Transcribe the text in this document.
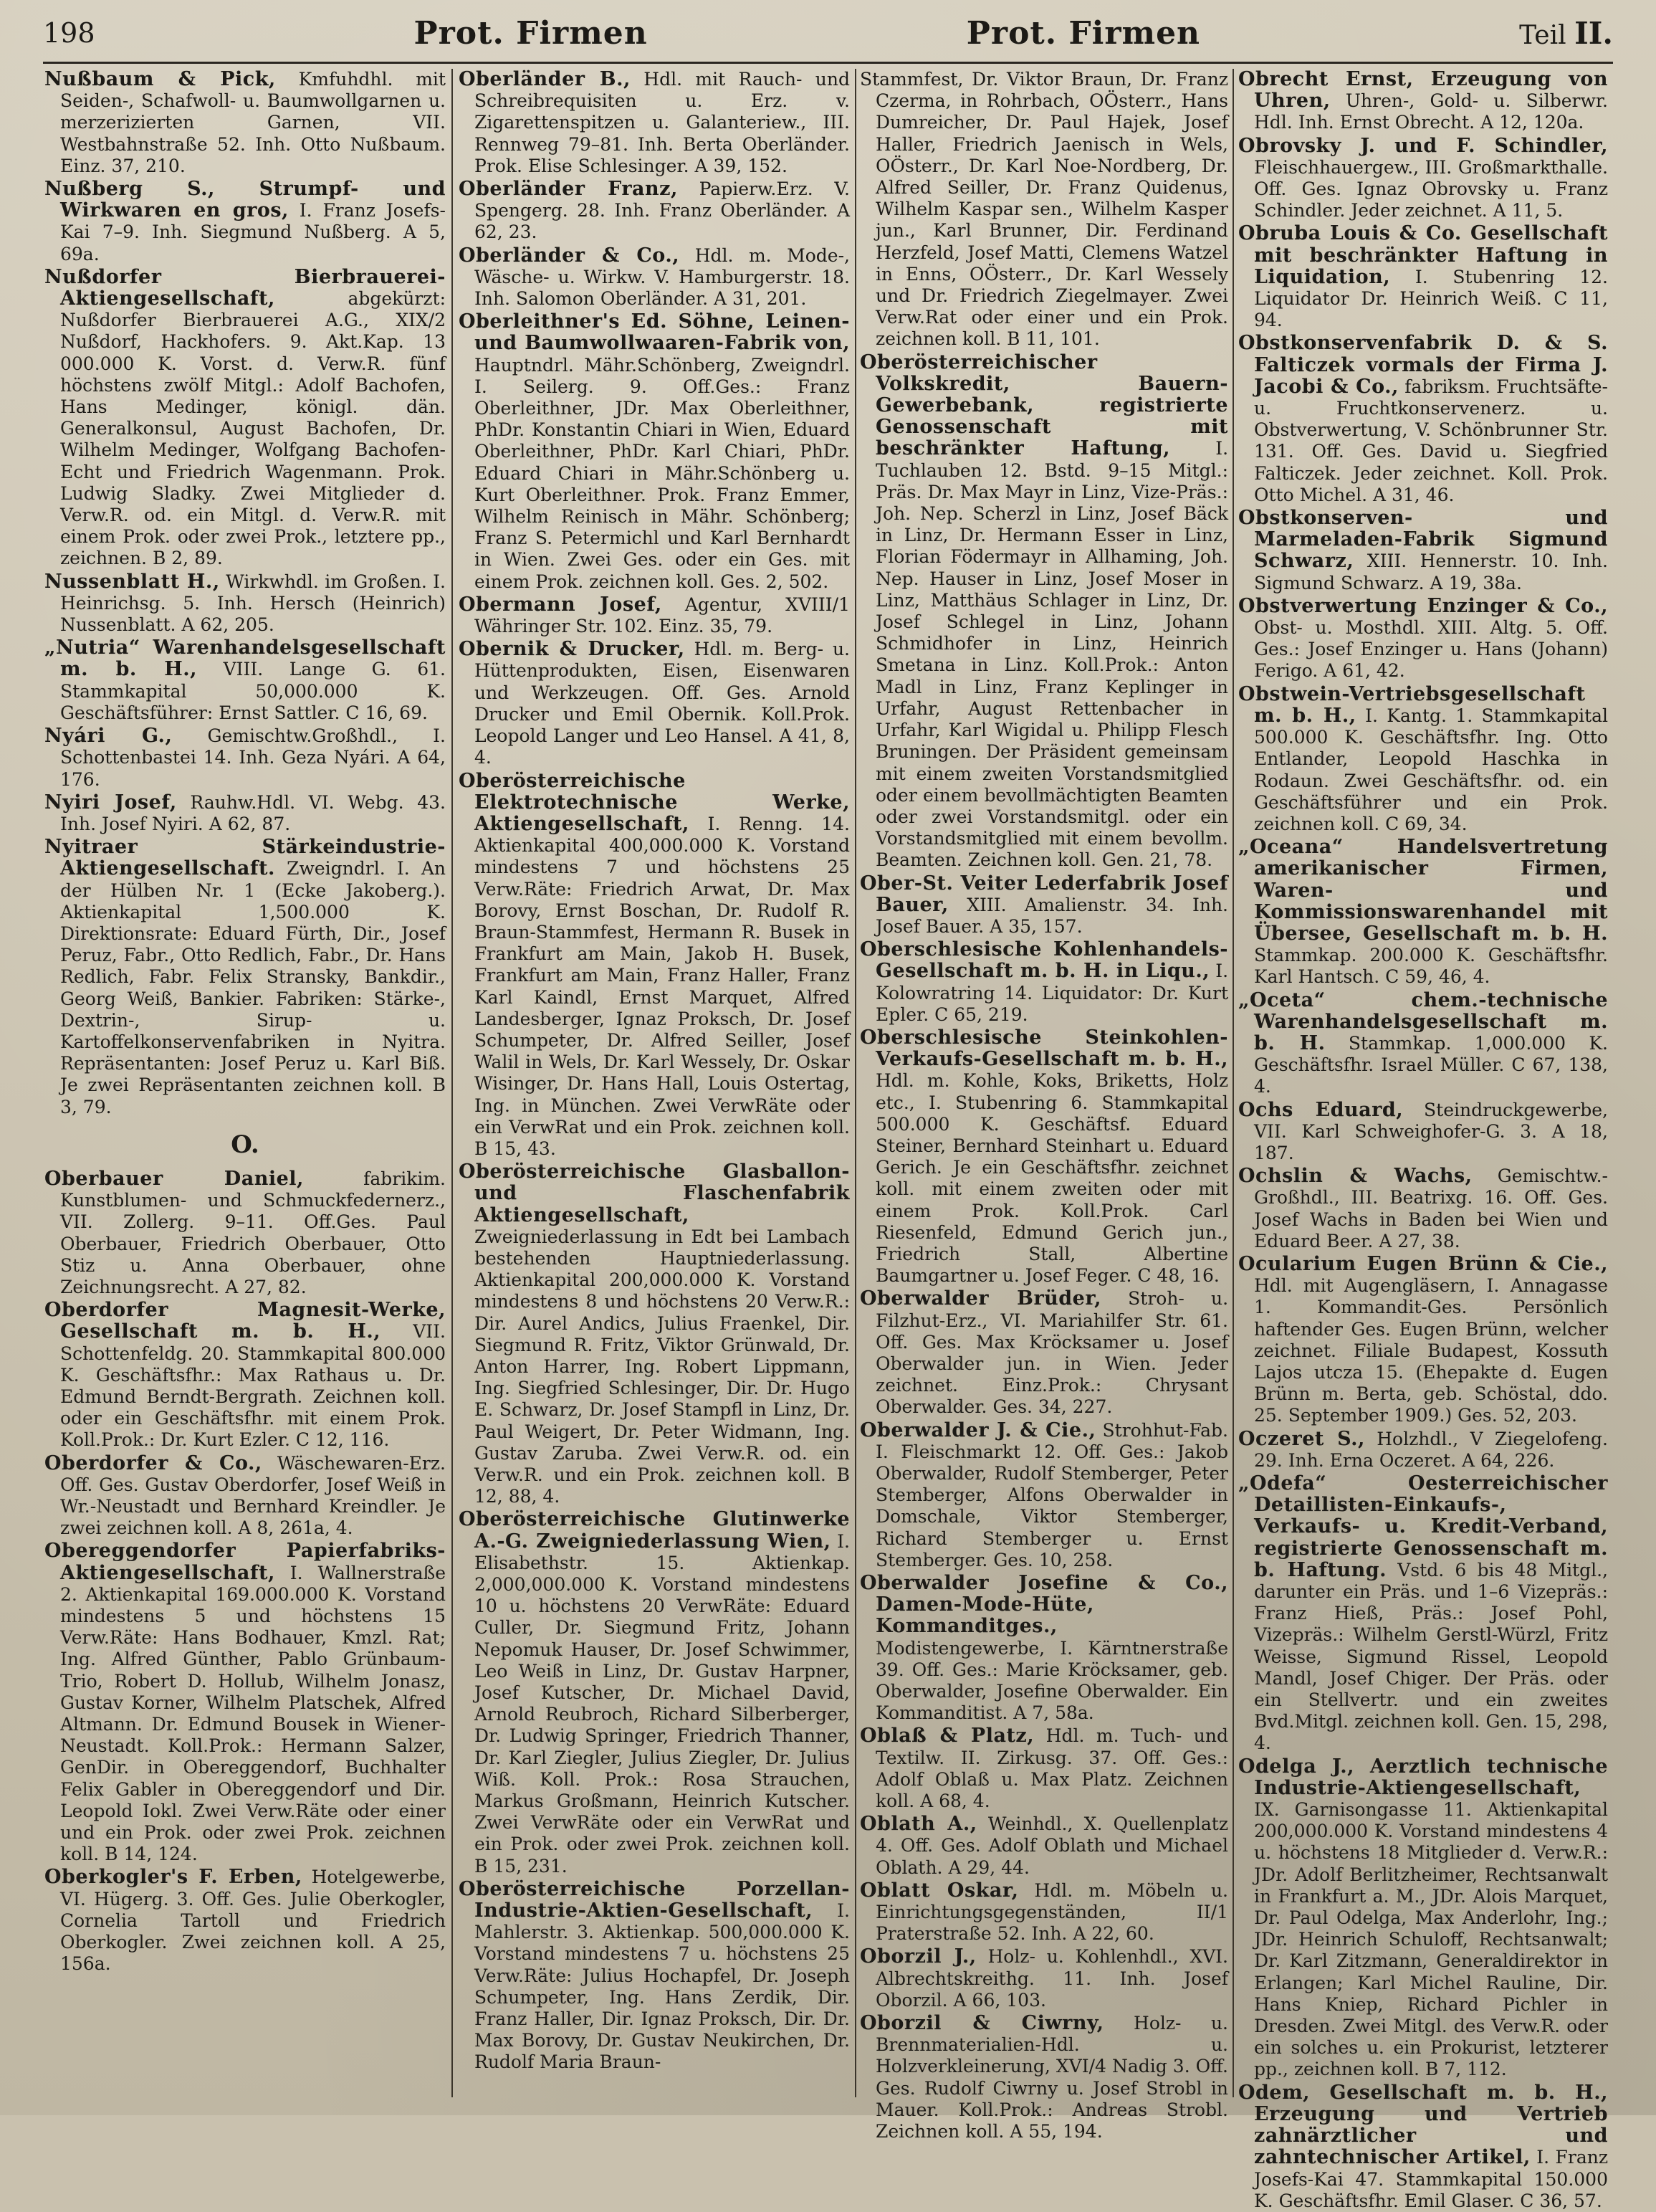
198	Prot. Firmen	Prot. Firmen	Teil II.

Nußbaum & Pick, Kmfuhdhl. mit Seiden-, Schafwoll- u. Baumwollgarnen u. merzerizierten Garnen, VII. Westbahnstraße 52. Inh. Otto Nußbaum. Einz. 37, 210.

Nußberg S., Strumpf- und Wirkwaren en gros, I. Franz Josefs-Kai 7–9. Inh. Siegmund Nußberg. A 5, 69a.

Nußdorfer Bierbrauerei-Aktiengesellschaft,	abgekürzt: Nußdorfer Bierbrauerei A.G., XIX/2 Nußdorf, Hackhofers. 9. Akt.Kap. 13 000.000 K. Vorst. d. Verw.R. fünf höchstens zwölf Mitgl.: Adolf Bachofen, Hans Medinger, königl. dän. Generalkonsul, August Bachofen, Dr. Wilhelm Medinger, Wolfgang Bachofen-Echt und Friedrich Wagenmann. Prok. Ludwig Sladky. Zwei Mitglieder d. Verw.R. od. ein Mitgl. d. Verw.R. mit einem Prok. oder zwei Prok., letztere pp., zeichnen. B 2, 89.

Nussenblatt H., Wirkwhdl. im Großen. I. Heinrichsg. 5. Inh. Hersch (Heinrich) Nussenblatt. A 62, 205.

„Nutria“ Warenhandelsgesellschaft m. b. H., VIII. Lange G. 61. Stammkapital 50,000.000 K. Geschäftsführer: Ernst Sattler. C 16, 69.

Nyári G., Gemischtw.Großhdl., I. Schottenbastei 14. Inh. Geza Nyári. A 64, 176.

Nyiri Josef, Rauhw.Hdl. VI. Webg. 43. Inh. Josef Nyiri. A 62, 87.

Nyitraer Stärkeindustrie-Aktiengesellschaft. Zweigndrl. I. An der Hülben Nr. 1 (Ecke Jakoberg.). Aktienkapital 1,500.000 K. Direktionsrate: Eduard Fürth, Dir., Josef Peruz, Fabr., Otto Redlich, Fabr., Dr. Hans Redlich, Fabr. Felix Stransky, Bankdir., Georg Weiß, Bankier. Fabriken: Stärke-, Dextrin-, Sirup- u. Kartoffelkonservenfabriken in Nyitra. Repräsentanten: Josef Peruz u. Karl Biß. Je zwei Repräsentanten zeichnen koll. B 3, 79.

O.

Oberbauer Daniel,	fabrikim. Kunstblumen- und Schmuckfedernerz., VII. Zollerg. 9–11. Off.Ges. Paul Oberbauer, Friedrich Oberbauer, Otto Stiz u. Anna Oberbauer, ohne Zeichnungsrecht. A 27, 82.

Oberdorfer Magnesit-Werke, Gesellschaft m. b. H., VII. Schottenfeldg. 20. Stammkapital 800.000 K. Geschäftsfhr.: Max Rathaus u. Dr. Edmund Berndt-Bergrath. Zeichnen koll. oder ein Geschäftsfhr. mit einem Prok. Koll.Prok.: Dr. Kurt Ezler. C 12, 116.

Oberdorfer & Co., Wäschewaren-Erz. Off. Ges. Gustav Oberdorfer, Josef Weiß in Wr.-Neustadt und Bernhard Kreindler. Je zwei zeichnen koll. A 8, 261a, 4.

Obereggendorfer Papierfabriks-Aktiengesellschaft, I. Wallnerstraße 2. Aktienkapital 169.000.000 K. Vorstand mindestens 5 und höchstens 15 Verw.Räte: Hans Bodhauer, Kmzl. Rat; Ing. Alfred Günther, Pablo Grünbaum-Trio, Robert D. Hollub, Wilhelm Jonasz, Gustav Korner, Wilhelm Platschek, Alfred Altmann. Dr. Edmund Bousek in Wiener-Neustadt. Koll.Prok.: Hermann Salzer, GenDir. in Obereggendorf, Buchhalter Felix Gabler in Obereggendorf und Dir. Leopold Iokl. Zwei Verw.Räte oder einer und ein Prok. oder zwei Prok. zeichnen koll. B 14, 124.

Oberkogler's F. Erben, Hotelgewerbe, VI. Hügerg. 3. Off. Ges. Julie Oberkogler, Cornelia Tartoll und Friedrich Oberkogler. Zwei zeichnen koll. A 25, 156a.

Oberländer B., Hdl. mit Rauch- und Schreibrequisiten u. Erz. v. Zigarettenspitzen u. Galanteriew., III. Rennweg 79–81. Inh. Berta Oberländer. Prok. Elise Schlesinger. A 39, 152.

Oberländer Franz, Papierw.Erz. V. Spengerg. 28. Inh. Franz Oberländer. A 62, 23.

Oberländer & Co., Hdl. m. Mode-, Wäsche- u. Wirkw. V. Hamburgerstr. 18. Inh. Salomon Oberländer. A 31, 201.

Oberleithner's Ed. Söhne, Leinen- und Baumwollwaaren-Fabrik von, Hauptndrl. Mähr.Schönberg, Zweigndrl. I. Seilerg. 9. Off.Ges.: Franz Oberleithner, JDr. Max Oberleithner, PhDr. Konstantin Chiari in Wien, Eduard Oberleithner, PhDr. Karl Chiari, PhDr. Eduard Chiari in Mähr.Schönberg u. Kurt Oberleithner. Prok. Franz Emmer, Wilhelm Reinisch in Mähr. Schönberg; Franz S. Petermichl und Karl Bernhardt in Wien. Zwei Ges. oder ein Ges. mit einem Prok. zeichnen koll. Ges. 2, 502.

Obermann Josef, Agentur, XVIII/1 Währinger Str. 102. Einz. 35, 79.

Obernik & Drucker, Hdl. m. Berg- u. Hüttenprodukten, Eisen, Eisenwaren und Werkzeugen. Off. Ges. Arnold Drucker und Emil Obernik. Koll.Prok. Leopold Langer und Leo Hansel. A 41, 8, 4.

Oberösterreichische Elektrotechnische Werke, Aktiengesellschaft, I. Renng. 14. Aktienkapital 400,000.000 K. Vorstand mindestens 7 und höchstens 25 Verw.Räte: Friedrich Arwat, Dr. Max Borovy, Ernst Boschan, Dr. Rudolf R. Braun-Stammfest, Hermann R. Busek in Frankfurt am Main, Jakob H. Busek, Frankfurt am Main, Franz Haller, Franz Karl Kaindl, Ernst Marquet, Alfred Landesberger, Ignaz Proksch, Dr. Josef Schumpeter, Dr. Alfred Seiller, Josef Walil in Wels, Dr. Karl Wessely, Dr. Oskar Wisinger, Dr. Hans Hall, Louis Ostertag, Ing. in München. Zwei VerwRäte oder ein VerwRat und ein Prok. zeichnen koll. B 15, 43.

Oberösterreichische Glasballon- und Flaschenfabrik Aktiengesellschaft, Zweigniederlassung in Edt bei Lambach bestehenden Hauptniederlassung. Aktienkapital 200,000.000 K. Vorstand mindestens 8 und höchstens 20 Verw.R.: Dir. Aurel Andics, Julius Fraenkel, Dir. Siegmund R. Fritz, Viktor Grünwald, Dr. Anton Harrer, Ing. Robert Lippmann, Ing. Siegfried Schlesinger, Dir. Dr. Hugo E. Schwarz, Dr. Josef Stampfl in Linz, Dr. Paul Weigert, Dr. Peter Widmann, Ing. Gustav Zaruba. Zwei Verw.R. od. ein Verw.R. und ein Prok. zeichnen koll. B 12, 88, 4.

Oberösterreichische Glutinwerke A.-G. Zweigniederlassung Wien, I. Elisabethstr. 15. Aktienkap. 2,000,000.000 K. Vorstand mindestens 10 u. höchstens 20 VerwRäte: Eduard Culler, Dr. Siegmund Fritz, Johann Nepomuk Hauser, Dr. Josef Schwimmer, Leo Weiß in Linz, Dr. Gustav Harpner, Josef Kutscher, Dr. Michael David, Arnold Reubroch, Richard Silberberger, Dr. Ludwig Springer, Friedrich Thanner, Dr. Karl Ziegler, Julius Ziegler, Dr. Julius Wiß. Koll. Prok.: Rosa Strauchen, Markus Großmann, Heinrich Kutscher. Zwei VerwRäte oder ein VerwRat und ein Prok. oder zwei Prok. zeichnen koll. B 15, 231.

Oberösterreichische Porzellan-Industrie-Aktien-Gesellschaft, I. Mahlerstr. 3. Aktienkap. 500,000.000 K. Vorstand mindestens 7 u. höchstens 25 Verw.Räte: Julius Hochapfel, Dr. Joseph Schumpeter, Ing. Hans Zerdik, Dir. Franz Haller, Dir. Ignaz Proksch, Dir. Dr. Max Borovy, Dr. Gustav Neukirchen, Dr. Rudolf Maria Braun-

Stammfest, Dr. Viktor Braun, Dr. Franz Czerma, in Rohrbach, OÖsterr., Hans Dumreicher, Dr. Paul Hajek, Josef Haller, Friedrich Jaenisch in Wels, OÖsterr., Dr. Karl Noe-Nordberg, Dr. Alfred Seiller, Dr. Franz Quidenus, Wilhelm Kaspar sen., Wilhelm Kasper jun., Karl Brunner, Dir. Ferdinand Herzfeld, Josef Matti, Clemens Watzel in Enns, OÖsterr., Dr. Karl Wessely und Dr. Friedrich Ziegelmayer. Zwei Verw.Rat oder einer und ein Prok. zeichnen koll. B 11, 101.

Oberösterreichischer Volkskredit, Bauern- Gewerbebank, registrierte Genossenschaft mit beschränkter Haftung,	I. Tuchlauben 12. Bstd. 9–15 Mitgl.: Präs. Dr. Max Mayr in Linz, Vize-Präs.: Joh. Nep. Scherzl in Linz, Josef Bäck in Linz, Dr. Hermann Esser in Linz, Florian Födermayr in Allhaming, Joh. Nep. Hauser in Linz, Josef Moser in Linz, Matthäus Schlager in Linz, Dr. Josef Schlegel in Linz, Johann Schmidhofer in Linz, Heinrich Smetana in Linz. Koll.Prok.: Anton Madl in Linz, Franz Keplinger in Urfahr, August Rettenbacher in Urfahr, Karl Wigidal u. Philipp Flesch Bruningen. Der Präsident gemeinsam mit einem zweiten Vorstandsmitglied oder einem bevollmächtigten Beamten oder zwei Vorstandsmitgl. oder ein Vorstandsmitglied mit einem bevollm. Beamten. Zeichnen koll. Gen. 21, 78.

Ober-St. Veiter Lederfabrik Josef Bauer, XIII. Amalienstr. 34. Inh. Josef Bauer. A 35, 157.

Oberschlesische Kohlenhandels-Gesellschaft m. b. H. in Liqu., I. Kolowratring 14. Liquidator: Dr. Kurt Epler. C 65, 219.

Oberschlesische Steinkohlen-Verkaufs-Gesellschaft m. b. H., Hdl. m. Kohle, Koks, Briketts, Holz etc., I. Stubenring 6. Stammkapital 500.000 K. Geschäftsf. Eduard Steiner, Bernhard Steinhart u. Eduard Gerich. Je ein Geschäftsfhr. zeichnet koll. mit einem zweiten oder mit einem Prok. Koll.Prok. Carl Riesenfeld, Edmund Gerich jun., Friedrich Stall, Albertine Baumgartner u. Josef Feger. C 48, 16.

Oberwalder Brüder, Stroh- u. Filzhut-Erz., VI. Mariahilfer Str. 61. Off. Ges. Max Kröcksamer u. Josef Oberwalder jun. in Wien. Jeder zeichnet. Einz.Prok.: Chrysant Oberwalder. Ges. 34, 227.

Oberwalder J. & Cie., Strohhut-Fab. I. Fleischmarkt 12. Off. Ges.: Jakob Oberwalder, Rudolf Stemberger, Peter Stemberger, Alfons Oberwalder in Domschale, Viktor Stemberger, Richard Stemberger u. Ernst Stemberger. Ges. 10, 258.

Oberwalder Josefine & Co., Damen-Mode-Hüte, Kommanditges., Modistengewerbe, I. Kärntnerstraße 39. Off. Ges.: Marie Kröcksamer, geb. Oberwalder, Josefine Oberwalder. Ein Kommanditist. A 7, 58a.

Oblaß & Platz, Hdl. m. Tuch- und Textilw. II. Zirkusg. 37. Off. Ges.: Adolf Oblaß u. Max Platz. Zeichnen koll. A 68, 4.

Oblath A., Weinhdl., X. Quellenplatz 4. Off. Ges. Adolf Oblath und Michael Oblath. A 29, 44.

Oblatt Oskar, Hdl. m. Möbeln u. Einrichtungsgegenständen, II/1 Praterstraße 52. Inh. A 22, 60.

Oborzil J., Holz- u. Kohlenhdl., XVI. Albrechtskreithg. 11. Inh. Josef Oborzil. A 66, 103.

Oborzil & Ciwrny, Holz- u. Brennmaterialien-Hdl. u. Holzverkleinerung, XVI/4 Nadig 3. Off. Ges. Rudolf Ciwrny u. Josef Strobl in Mauer. Koll.Prok.: Andreas Strobl. Zeichnen koll. A 55, 194.

Obrecht Ernst, Erzeugung von Uhren, Uhren-, Gold- u. Silberwr. Hdl. Inh. Ernst Obrecht. A 12, 120a.

Obrovsky J. und F. Schindler, Fleischhauergew., III. Großmarkthalle. Off. Ges. Ignaz Obrovsky u. Franz Schindler. Jeder zeichnet. A 11, 5.

Obruba Louis & Co. Gesellschaft mit beschränkter Haftung in Liquidation, I. Stubenring 12. Liquidator Dr. Heinrich Weiß. C 11, 94.

Obstkonservenfabrik D. & S. Falticzek vormals der Firma J. Jacobi & Co., fabriksm. Fruchtsäfte- u. Fruchtkonservenerz. u. Obstverwertung, V. Schönbrunner Str. 131. Off. Ges. David u. Siegfried Falticzek. Jeder zeichnet. Koll. Prok. Otto Michel. A 31, 46.

Obstkonserven- und Marmeladen-Fabrik Sigmund Schwarz, XIII. Hennerstr. 10. Inh. Sigmund Schwarz. A 19, 38a.

Obstverwertung Enzinger & Co., Obst- u. Mosthdl. XIII. Altg. 5. Off. Ges.: Josef Enzinger u. Hans (Johann) Ferigo. A 61, 42.

Obstwein-Vertriebsgesellschaft m. b. H., I. Kantg. 1. Stammkapital 500.000 K. Geschäftsfhr. Ing. Otto Entlander, Leopold Haschka in Rodaun. Zwei Geschäftsfhr. od. ein Geschäftsführer und ein Prok. zeichnen koll. C 69, 34.

„Oceana“ Handelsvertretung amerikanischer Firmen, Waren- und Kommissionswarenhandel mit Übersee, Gesellschaft m. b. H. Stammkap. 200.000 K. Geschäftsfhr. Karl Hantsch. C 59, 46, 4.

„Oceta“ chem.-technische Warenhandelsgesellschaft m. b. H. Stammkap. 1,000.000 K. Geschäftsfhr. Israel Müller. C 67, 138, 4.

Ochs Eduard, Steindruckgewerbe, VII. Karl Schweighofer-G. 3. A 18, 187.

Ochslin & Wachs, Gemischtw.-Großhdl., III. Beatrixg. 16. Off. Ges. Josef Wachs in Baden bei Wien und Eduard Beer. A 27, 38.

Ocularium Eugen Brünn & Cie., Hdl. mit Augengläsern, I. Annagasse 1. Kommandit-Ges. Persönlich haftender Ges. Eugen Brünn, welcher zeichnet. Filiale Budapest, Kossuth Lajos utcza 15. (Ehepakte d. Eugen Brünn m. Berta, geb. Schöstal, ddo. 25. September 1909.) Ges. 52, 203.

Oczeret S., Holzhdl., V Ziegelofeng. 29. Inh. Erna Oczeret. A 64, 226.

„Odefa“ Oesterreichischer Detaillisten-Einkaufs-, Verkaufs- u. Kredit-Verband, registrierte Genossenschaft m. b. Haftung. Vstd. 6 bis 48 Mitgl., darunter ein Präs. und 1–6 Vizepräs.: Franz Hieß, Präs.: Josef Pohl, Vizepräs.: Wilhelm Gerstl-Würzl, Fritz Weisse, Sigmund Rissel, Leopold Mandl, Josef Chiger. Der Präs. oder ein Stellvertr. und ein zweites Bvd.Mitgl. zeichnen koll. Gen. 15, 298, 4.

Odelga J., Aerztlich technische Industrie-Aktiengesellschaft, IX. Garnisongasse 11. Aktienkapital 200,000.000 K. Vorstand mindestens 4 u. höchstens 18 Mitglieder d. Verw.R.: JDr. Adolf Berlitzheimer, Rechtsanwalt in Frankfurt a. M., JDr. Alois Marquet, Dr. Paul Odelga, Max Anderlohr, Ing.; JDr. Heinrich Schuloff, Rechtsanwalt; Dr. Karl Zitzmann, Generaldirektor in Erlangen; Karl Michel Rauline, Dir. Hans Kniep, Richard Pichler in Dresden. Zwei Mitgl. des Verw.R. oder ein solches u. ein Prokurist, letzterer pp., zeichnen koll. B 7, 112.

Odem, Gesellschaft m. b. H., Erzeugung und Vertrieb zahnärztlicher und zahntechnischer Artikel, I. Franz Josefs-Kai 47. Stammkapital 150.000 K. Geschäftsfhr. Emil Glaser. C 36, 57.
